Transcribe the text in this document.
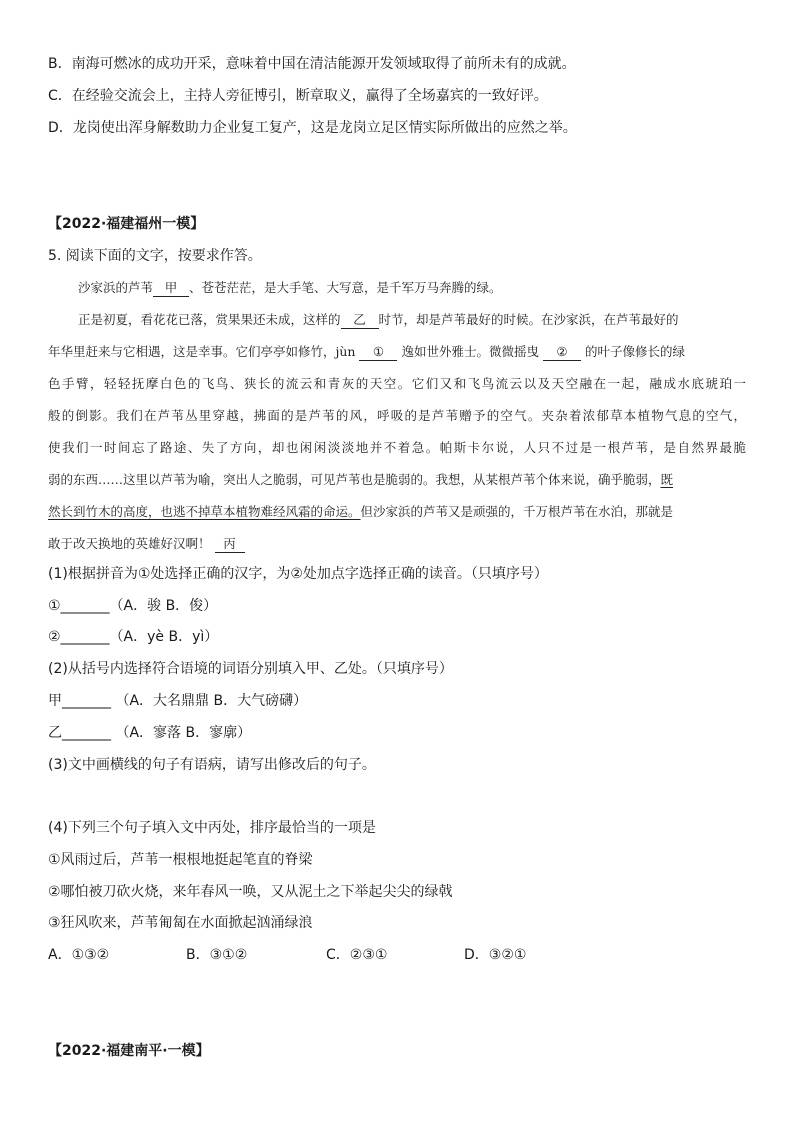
B．南海可燃冰的成功开采，意味着中国在清洁能源开发领域取得了前所未有的成就。
C．在经验交流会上，主持人旁征博引，断章取义，赢得了全场嘉宾的一致好评。
D．龙岗使出浑身解数助力企业复工复产，这是龙岗立足区情实际所做出的应然之举。
【2022·福建福州一模】
5. 阅读下面的文字，按要求作答。
沙家浜的芦苇 甲 、苍苍茫茫，是大手笔、大写意，是千军万马奔腾的绿。
正是初夏，看花花已落，赏果果还未成，这样的 乙 时节，却是芦苇最好的时候。在沙家浜，在芦苇最好的
年华里赶来与它相遇，这是幸事。它们亭亭如修竹，jùn ① 逸如世外雅士。微微摇曳 ② 的叶子像修长的绿
色手臂，轻轻抚摩白色的飞鸟、狭长的流云和青灰的天空。它们又和飞鸟流云以及天空融在一起，融成水底琥珀一
般的倒影。我们在芦苇丛里穿越，拂面的是芦苇的风，呼吸的是芦苇赠予的空气。夹杂着浓郁草本植物气息的空气，
使我们一时间忘了路途、失了方向，却也闲闲淡淡地并不着急。帕斯卡尔说，人只不过是一根芦苇，是自然界最脆
弱的东西……这里以芦苇为喻，突出人之脆弱，可见芦苇也是脆弱的。我想，从某根芦苇个体来说，确乎脆弱，既
然长到竹木的高度，也逃不掉草本植物难经风霜的命运。但沙家浜的芦苇又是顽强的，千万根芦苇在水泊，那就是
敢于改天换地的英雄好汉啊！ 丙
(1)根据拼音为①处选择正确的汉字，为②处加点字选择正确的读音。（只填序号）
①_______（A．骏 B．俊）
②_______（A．yè B．yì）
(2)从括号内选择符合语境的词语分别填入甲、乙处。（只填序号）
甲_______ （A．大名鼎鼎 B．大气磅礴）
乙_______ （A．寥落 B．寥廓）
(3)文中画横线的句子有语病，请写出修改后的句子。
(4)下列三个句子填入文中丙处，排序最恰当的一项是
①风雨过后，芦苇一根根地挺起笔直的脊梁
②哪怕被刀砍火烧，来年春风一唤，又从泥土之下举起尖尖的绿戟
③狂风吹来，芦苇匍匐在水面掀起汹涌绿浪
A．①③②	B．③①②	C．②③①	D．③②①
【2022·福建南平·一模】
